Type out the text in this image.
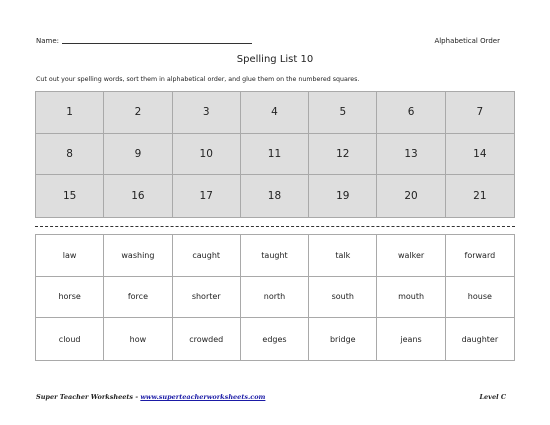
Name:	Alphabetical Order
Spelling List 10
Cut out your spelling words, sort them in alphabetical order, and glue them on the numbered squares.
1	2	3	4	5	6	7
8	9	10	11	12	13	14
15	16	17	18	19	20	21
law	washing	caught	taught	talk	walker	forward
horse	force	shorter	north	south	mouth	house
cloud	how	crowded	edges	bridge	jeans	daughter
Super Teacher Worksheets - www.superteacherworksheets.com	Level C
